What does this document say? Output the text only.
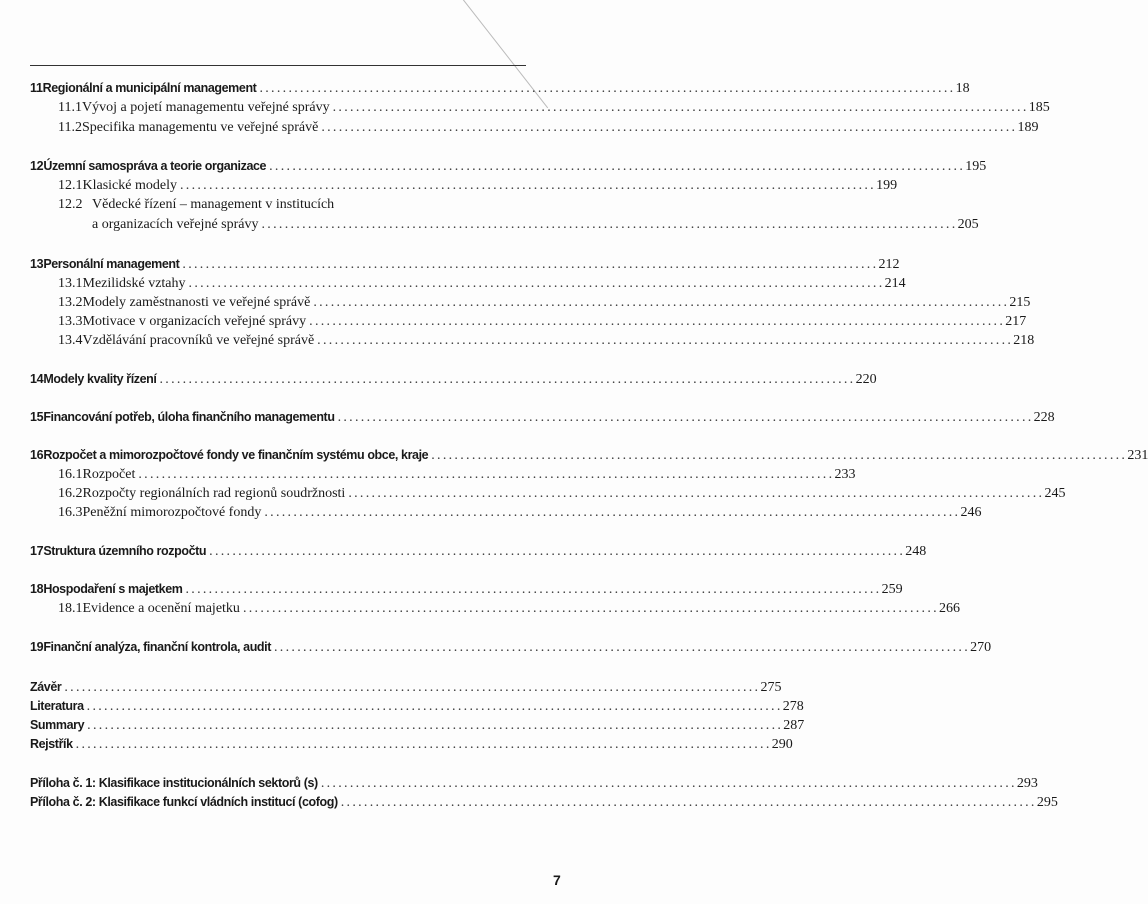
11 Regionální a municipální management . . .	18
11.1 Vývoj a pojetí managementu veřejné správy . . .	185
11.2 Specifika managementu ve veřejné správě . . .	189
12 Územní samospráva a teorie organizace . . .	195
12.1 Klasické modely . . .	199
12.2 Vědecké řízení – management v institucích
a organizacích veřejné správy . . .	205
13 Personální management . . .	212
13.1 Mezilidské vztahy . . .	214
13.2 Modely zaměstnanosti ve veřejné správě . . .	215
13.3 Motivace v organizacích veřejné správy . . .	217
13.4 Vzdělávání pracovníků ve veřejné správě . . .	218
14 Modely kvality řízení . . .	220
15 Financování potřeb, úloha finančního managementu . . .	228
16 Rozpočet a mimorozpočtové fondy ve finančním systému obce, kraje . . .	231
16.1 Rozpočet . . .	233
16.2 Rozpočty regionálních rad regionů soudržnosti . . .	245
16.3 Peněžní mimorozpočtové fondy . . .	246
17 Struktura územního rozpočtu . . .	248
18 Hospodaření s majetkem . . .	259
18.1 Evidence a ocenění majetku . . .	266
19 Finanční analýza, finanční kontrola, audit . . .	270
Závěr . . .	275
Literatura . . .	278
Summary . . .	287
Rejstřík . . .	290
Příloha č. 1: Klasifikace institucionálních sektorů (s) . . .	293
Příloha č. 2: Klasifikace funkcí vládních institucí (cofog) . . .	295
7
